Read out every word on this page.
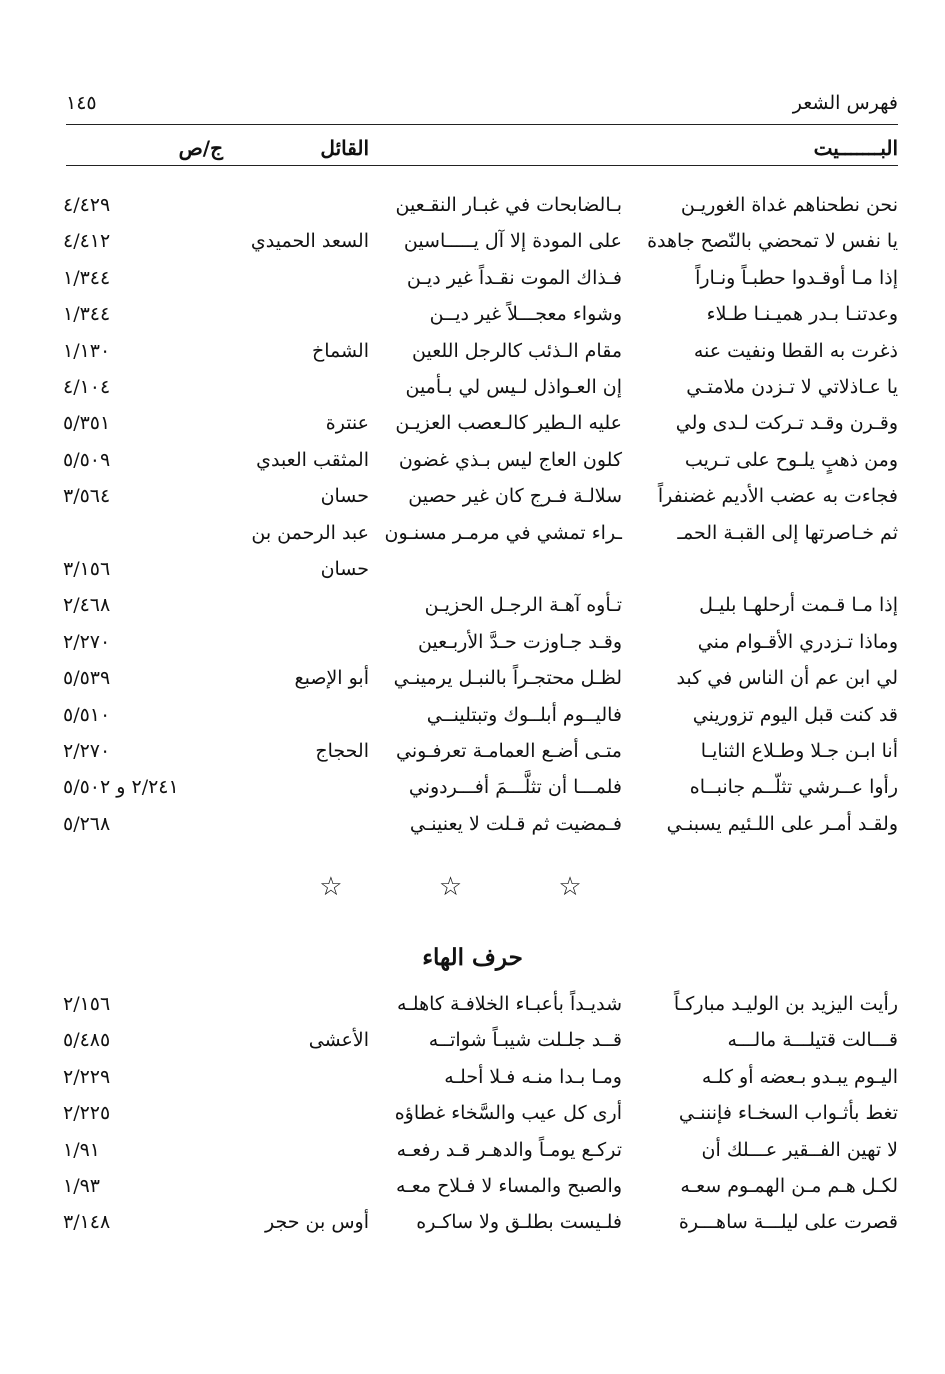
فهرس الشعر
١٤٥
البـــــــيت
القائل
ج/ص
نحن نطحناهم غداة الغوريـن
بـالضابحات في غبـار النقـعين
٤/٤٢٩
يا نفس لا تمحضي بالنّصح جاهدة
على المودة إلا آل يـــــاسين
السعد الحميدي
٤/٤١٢
إذا مـا أوقـدوا حطبـاً ونـاراً
فـذاك الموت نقـداً غير ديـن
١/٣٤٤
وعدتنـا بـدر هميـنـا طـلاء
وشواء معجـــلاً غير ديــن
١/٣٤٤
ذغرت به القطا ونفيت عنه
مقام الـذئب كالرجل اللعين
الشماخ
١/١٣٠
يا عـاذلاتي لا تـزدن ملامتـي
إن العـواذل لـيس لي بـأمين
٤/١٠٤
وقـرن وقـد تـركت لـدى ولي
عليه الـطير كالـعصب العزيـن
عنترة
٥/٣٥١
ومن ذهبٍ يلـوح على تـريب
كلون العاج ليس بـذي غضون
المثقب العبدي
٥/٥٠٩
فجاءت به عضب الأديم غضنفراً
سلالـة فـرج كان غير حصين
حسان
٣/٥٦٤
ثم خـاصرتها إلى القبـة الحمـ
ـراء تمشي في مرمـر مسنـون
عبد الرحمن بن
حسان
٣/١٥٦
إذا مـا قـمت أرحلهـا بليـل
تـأوه آهـة الرجـل الحزيـن
٢/٤٦٨
وماذا تـزدري الأقـوام مني
وقـد جـاوزت حـدَّ الأربـعين
٢/٢٧٠
لي ابن عم أن الناس في كبد
لظـل محتجـراً بالنبـل يرمينـي
أبو الإصبع
٥/٥٣٩
قد كنت قبل اليوم تزوريني
فاليــوم أبلــوك وتبتلينــي
٥/٥١٠
أنا ابـن جـلا وطـلاع الثنايـا
متـى أضـع العمامـة تعرفـوني
الحجاج
٢/٢٧٠
رأوا عــرشي تثلّــم جانبــاه
فلمـــا أن تثلَّـــمَ أفـــردوني
٢/٢٤١ و ٥/٥٠٢
ولقـد أمـر على اللـئيم يسبنـي
فـمضيت ثم قـلت لا يعنينـي
٥/٢٦٨
☆ ☆ ☆
حرف الهاء
رأيت اليزيد بن الوليـد مباركـاً
شديـداً بأعبـاء الخلافـة كاهلـه
٢/١٥٦
قـــالت قتيلـــة مالـــه
قــد جلـلت شيبـاً شواتــه
الأعشى
٥/٤٨٥
اليـوم يبـدو بـعضه أو كلـه
ومـا بـدا منـه فـلا أحلـه
٢/٢٢٩
تغط بأثـواب السخـاء فإنننـي
أرى كل عيب والسَّخاء غطاؤه
٢/٢٢٥
لا تهين الفــقير عـــلك أن
تركـع يومـاً والدهـر قـد رفعـه
١/٩١
لكـل هـم مـن الهمـوم سعـه
والصبح والمساء لا فـلاح معـه
١/٩٣
قصرت على ليلـــة ساهـــرة
فلـيست بطلـق ولا ساكـره
أوس بن حجر
٣/١٤٨
